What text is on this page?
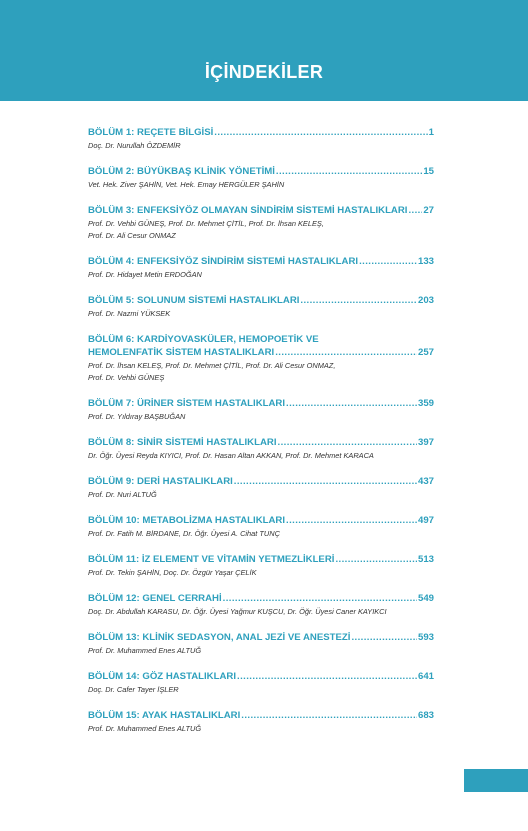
İÇİNDEKİLER
BÖLÜM 1: REÇETE BİLGİSİ .....	1
Doç. Dr. Nurullah ÖZDEMİR
BÖLÜM 2: BÜYÜKBAŞ KLİNİK YÖNETİMİ .....	15
Vet. Hek. Ziver ŞAHİN, Vet. Hek. Emay HERGÜLER ŞAHİN
BÖLÜM 3: ENFEKSİYÖZ OLMAYAN SİNDİRİM SİSTEMİ HASTALIKLARI ..... 27
Prof. Dr. Vehbi GÜNEŞ, Prof. Dr. Mehmet ÇİTİL, Prof. Dr. İhsan KELEŞ,
Prof. Dr. Ali Cesur ONMAZ
BÖLÜM 4: ENFEKSİYÖZ SİNDİRİM SİSTEMİ HASTALIKLARI .....	133
Prof. Dr. Hidayet Metin ERDOĞAN
BÖLÜM 5: SOLUNUM SİSTEMİ HASTALIKLARI .....	203
Prof. Dr. Nazmi YÜKSEK
BÖLÜM 6: KARDİYOVASKÜLER, HEMOPOETİK VE
HEMOLENFATİK SİSTEM HASTALIKLARI .....	257
Prof. Dr. İhsan KELEŞ, Prof. Dr. Mehmet ÇİTİL, Prof. Dr. Ali Cesur ONMAZ,
Prof. Dr. Vehbi GÜNEŞ
BÖLÜM 7: ÜRİNER SİSTEM HASTALIKLARI .....	359
Prof. Dr. Yıldıray BAŞBUĞAN
BÖLÜM 8: SİNİR SİSTEMİ HASTALIKLARI .....	397
Dr. Öğr. Üyesi Reyda KIYICI, Prof. Dr. Hasan Altan AKKAN, Prof. Dr. Mehmet KARACA
BÖLÜM 9: DERİ HASTALIKLARI .....	437
Prof. Dr. Nuri ALTUĞ
BÖLÜM 10: METABOLİZMA HASTALIKLARI .....	497
Prof. Dr. Fatih M. BİRDANE, Dr. Öğr. Üyesi A. Cihat TUNÇ
BÖLÜM 11: İZ ELEMENT VE VİTAMİN YETMEZLİKLERİ .....	513
Prof. Dr. Tekin ŞAHİN, Doç. Dr. Özgür Yaşar ÇELİK
BÖLÜM 12: GENEL CERRAHİ .....	549
Doç. Dr. Abdullah KARASU, Dr. Öğr. Üyesi Yağmur KUŞCU, Dr. Öğr. Üyesi Caner KAYIKCI
BÖLÜM 13: KLİNİK SEDASYON, ANAL JEZİ VE ANESTEZİ .....	593
Prof. Dr. Muhammed Enes ALTUĞ
BÖLÜM 14: GÖZ HASTALIKLARI .....	641
Doç. Dr. Cafer Tayer İŞLER
BÖLÜM 15: AYAK HASTALIKLARI .....	683
Prof. Dr. Muhammed Enes ALTUĞ
